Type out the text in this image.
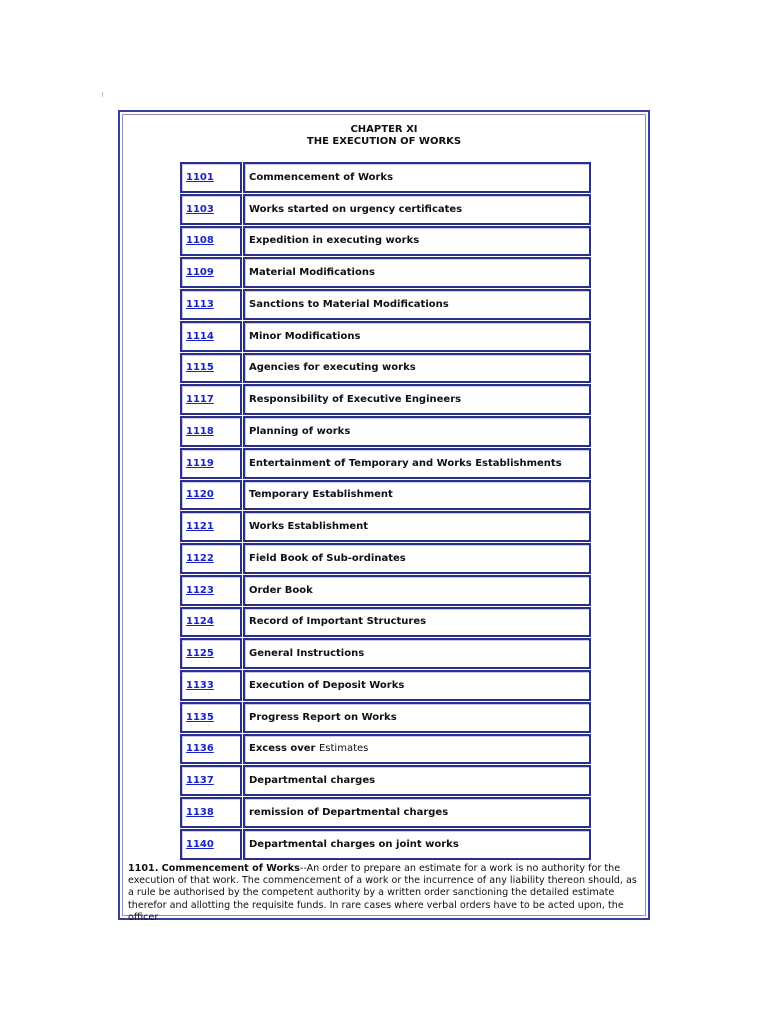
CHAPTER XI
THE EXECUTION OF WORKS
1101	Commencement of Works
1103	Works started on urgency certificates
1108	Expedition in executing works
1109	Material Modifications
1113	Sanctions to Material Modifications
1114	Minor Modifications
1115	Agencies for executing works
1117	Responsibility of Executive Engineers
1118	Planning of works
1119	Entertainment of Temporary and Works Establishments
1120	Temporary Establishment
1121	Works Establishment
1122	Field Book of Sub-ordinates
1123	Order Book
1124	Record of Important Structures
1125	General Instructions
1133	Execution of Deposit Works
1135	Progress Report on Works
1136	Excess over Estimates
1137	Departmental charges
1138	remission of Departmental charges
1140	Departmental charges on joint works
1101. Commencement of Works--An order to prepare an estimate for a work is no authority for the execution of that work. The commencement of a work or the incurrence of any liability thereon should, as a rule be authorised by the competent authority by a written order sanctioning the detailed estimate therefor and allotting the requisite funds. In rare cases where verbal orders have to be acted upon, the officer
